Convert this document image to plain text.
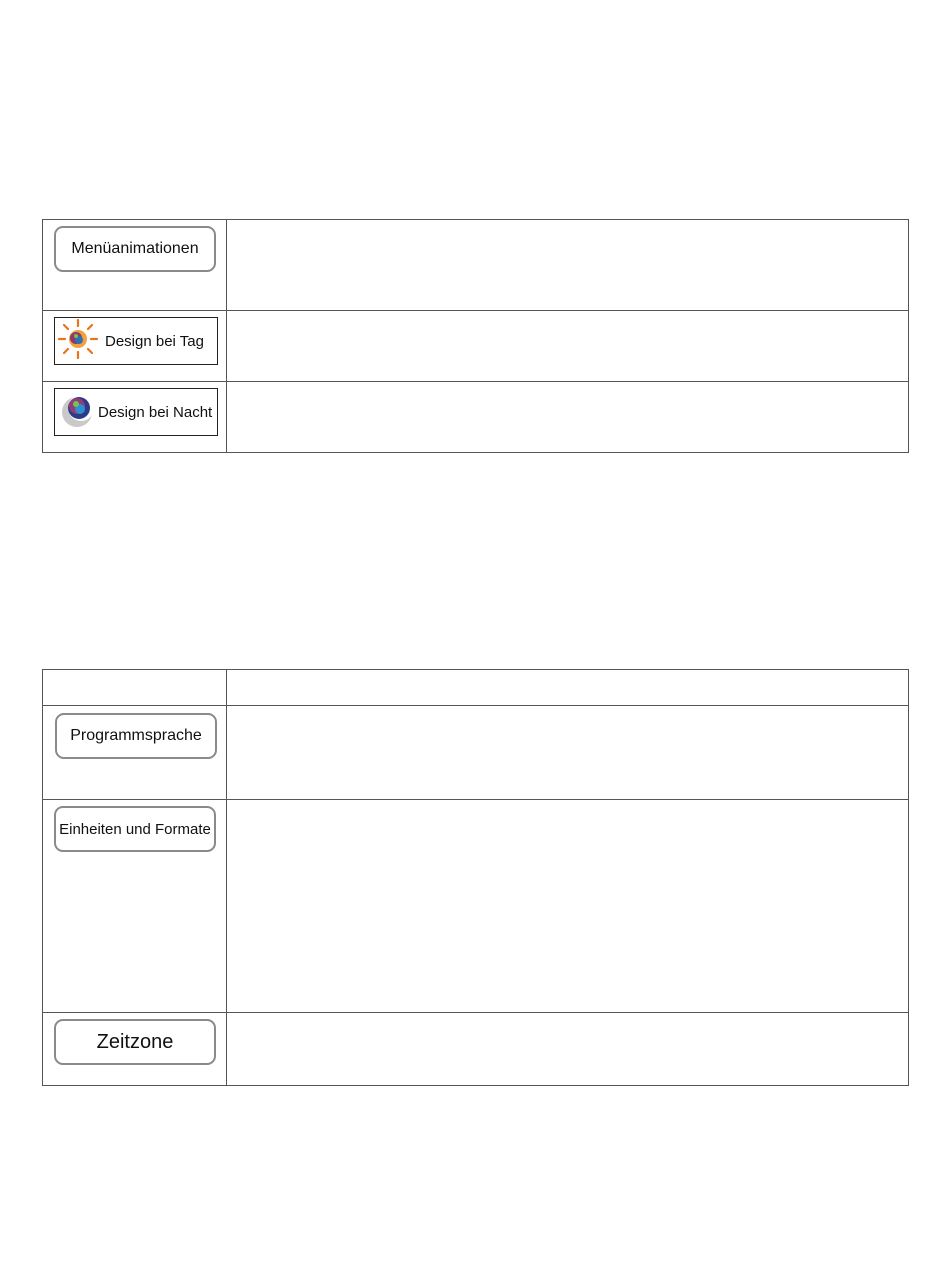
Menüanimationen	

Design bei Tag	

Design bei Nacht	

Programmsprache	

Einheiten und Formate	

Zeitzone	
